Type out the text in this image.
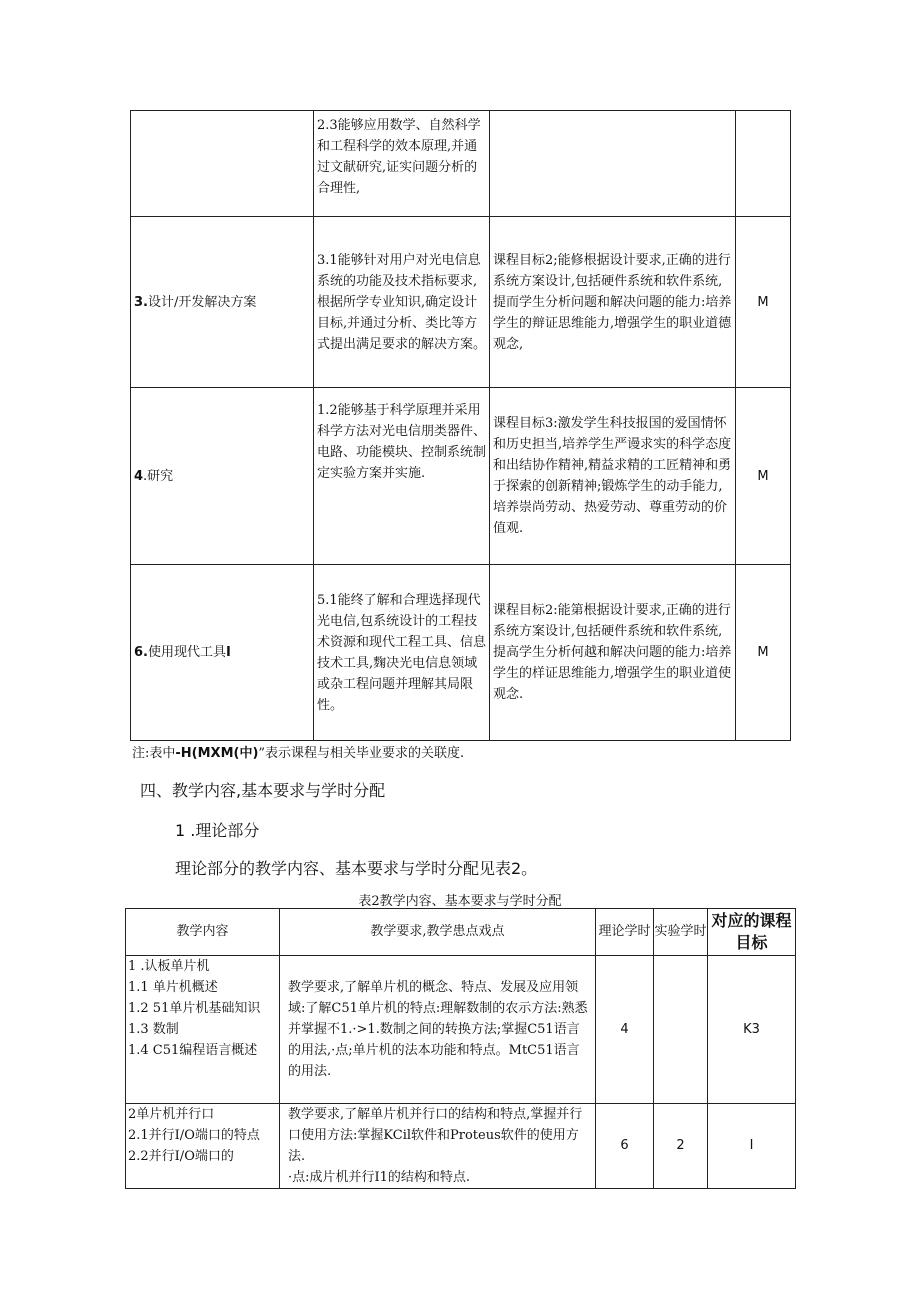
	2.3能够应用数学、自然科学和工程科学的效本原理,并通过文献研究,证实问题分析的合理性,		
3.设计/开发解决方案	3.1能够针对用户对光电信息系统的功能及技术指标要求,根据所学专业知识,确定设计目标,并通过分析、类比等方式提出满足要求的解决方案。	课程目标2;能修根据设计要求,正确的进行系统方案设计,包括硬件系统和软件系统,提而学生分析问题和解决问题的能力:培养学生的辩证思维能力,增强学生的职业道德观念,	M
4.研究	1.2能够基于科学原理并采用科学方法对光电信朋类器件、电路、功能模块、控制系统制定实验方案并实施.	课程目标3:激发学生科技报国的爱国情怀和历史担当,培养学生严谩求实的科学态度和出结协作精神,精益求精的工匠精神和勇于探索的创新精神;锻炼学生的动手能力,培养崇尚劳动、热爱劳动、尊重劳动的价值观.	M
6.使用现代工具I	5.1能终了解和合理选择现代光电信,包系统设计的工程技术资源和现代工程工具、信息技术工具,麴决光电信息领域或杂工程问题并理解其局限性。	课程目标2:能第根据设计要求,正确的进行系统方案设计,包括硬件系统和软件系统,提高学生分析何越和解决问题的能力:培养学生的样证思维能力,增强学生的职业道使观念.	M
注:表中-H(MXM(中)”表示课程与相关毕业要求的关联度.
四、教学内容,基本要求与学时分配
1 .理论部分
理论部分的教学内容、基本要求与学时分配见表2。
表2教学内容、基本要求与学时分配
教学内容	教学要求,教学患点戏点	理论学时	实验学时	对应的课程目标

1 .认板单片机
1.1 单片机概述
1.2 51单片机基础知识
1.3 数制
1.4 C51编程语言概述	教学要求,了解单片机的概念、特点、发展及应用领域:了解C51单片机的特点:理解数制的农示方法:熟悉并掌握不1.·>1.数制之间的转换方法;掌握C51语言的用法,·点;单片机的法本功能和特点。MtC51语言的用法.	4		K3

2单片机并行口
2.1并行I/O端口的特点
2.2并行I/O端口的	教学要求,了解单片机并行口的结构和特点,掌握并行口使用方法:掌握KCil软件和Proteus软件的使用方法.
·点:成片机并行I1的结构和特点.	6	2	I
